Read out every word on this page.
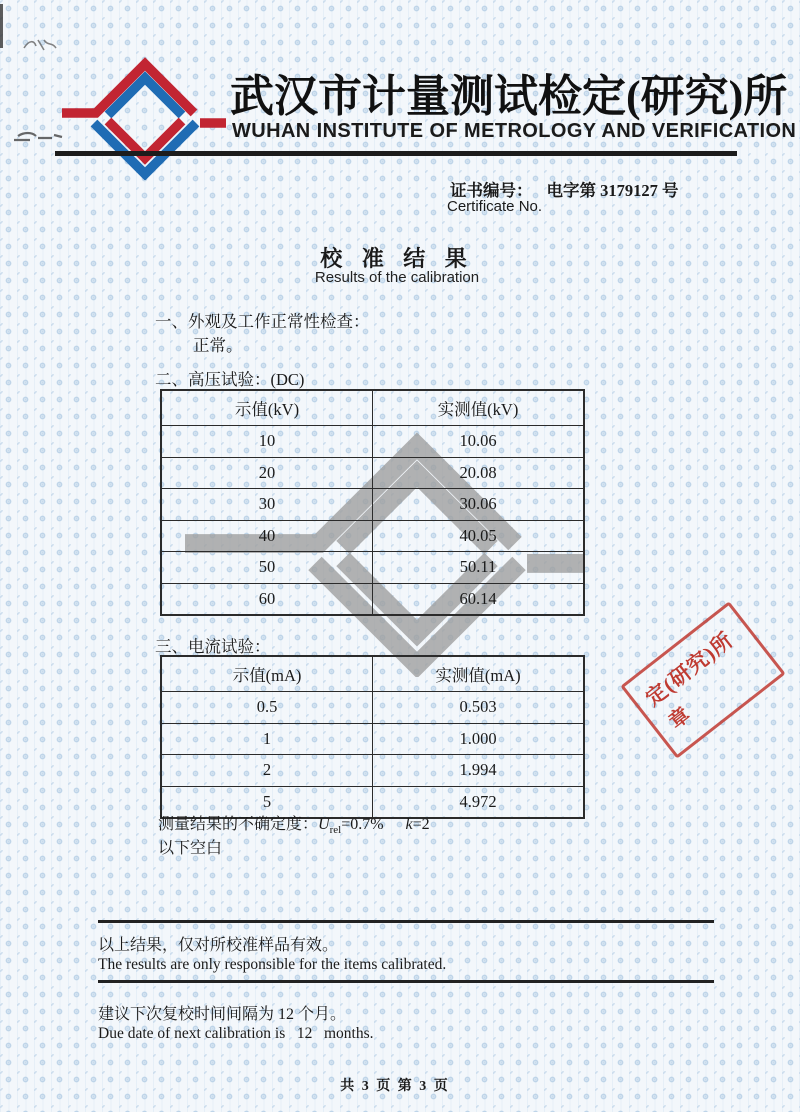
武汉市计量测试检定(研究)所
WUHAN INSTITUTE OF METROLOGY AND VERIFICATION
证书编号： 电字第 3179127 号
Certificate No.
校 准 结 果
Results of the calibration
一、外观及工作正常性检查：
正常。
二、高压试验：(DC)
示值(kV)	实测值(kV)
10	10.06
20	20.08
30	30.06
40	40.05
50	50.11
60	60.14
三、电流试验：
示值(mA)	实测值(mA)
0.5	0.503
1	1.000
2	1.994
5	4.972
测量结果的不确定度：$U_{rel}=0.7\%$ k=2
以下空白
定(研究)所
章
以上结果，仅对所校准样品有效。
The results are only responsible for the items calibrated.
建议下次复校时间间隔为 12 个月。
Due date of next calibration is   12   months.
共 3 页 第 3 页
